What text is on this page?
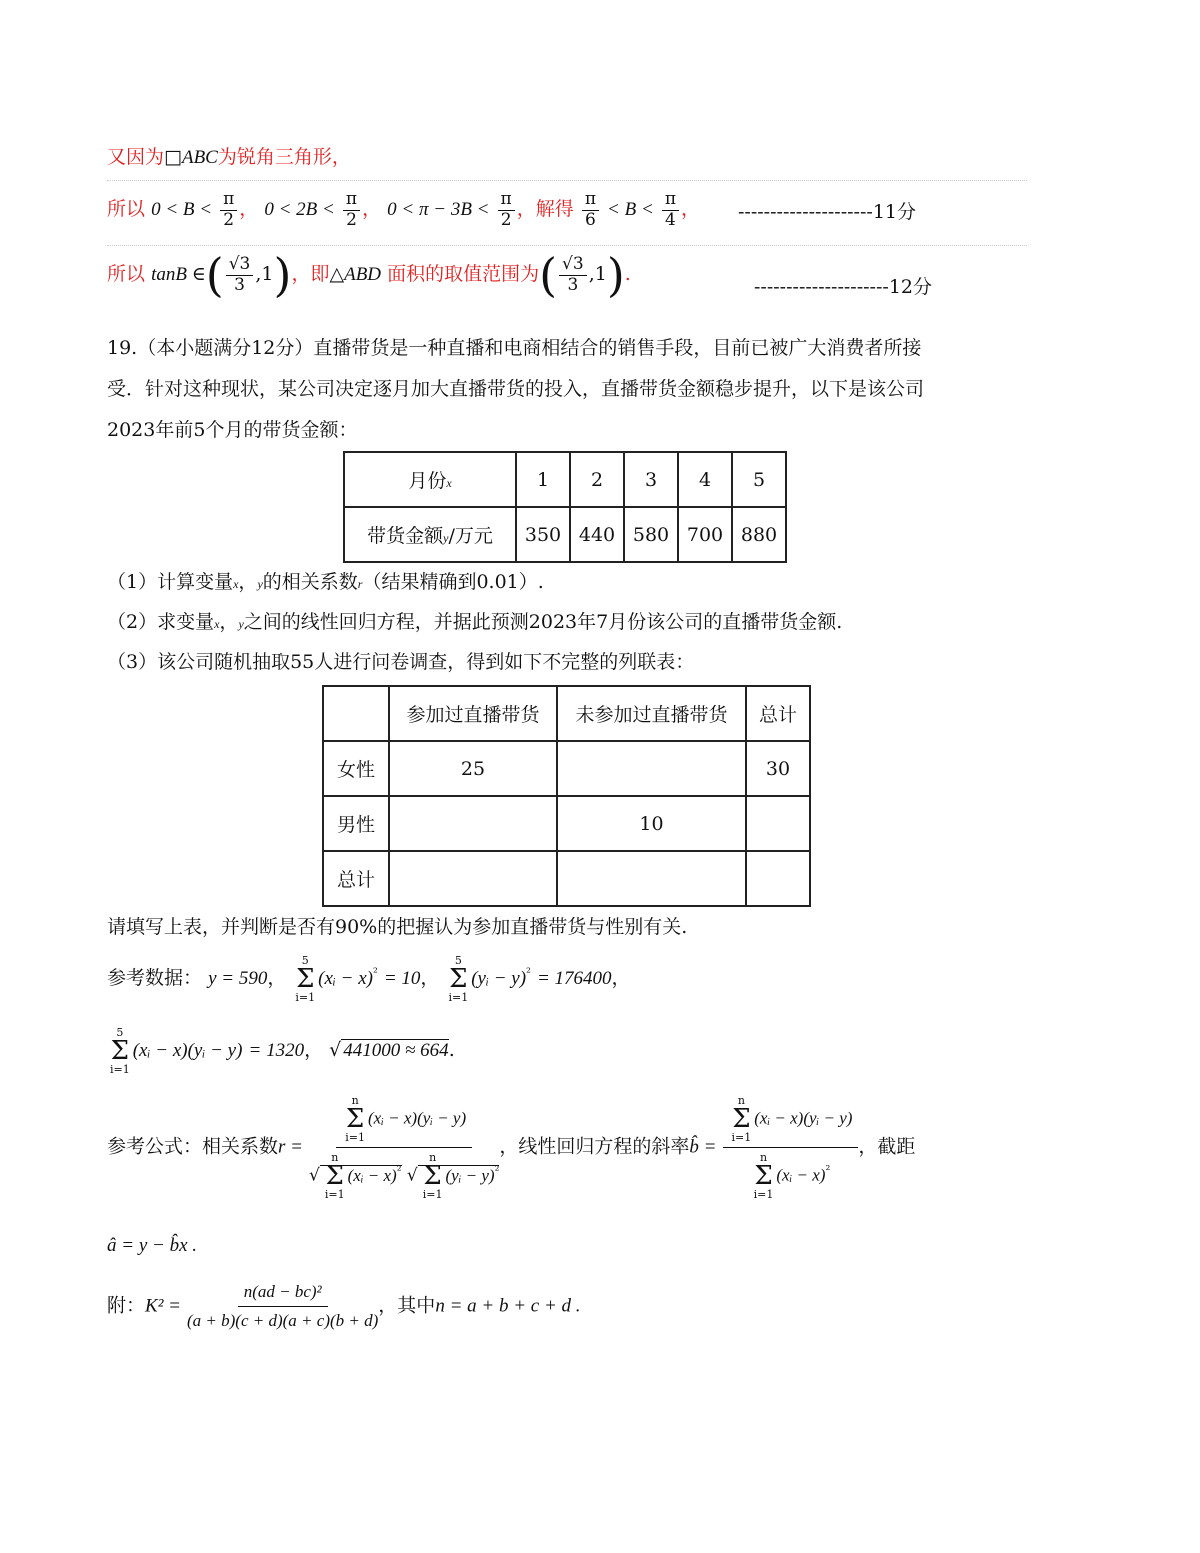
又因为□ABC为锐角三角形，
所以 $0 < B < \frac{\pi}{2}$ ， $0 < 2B < \frac{\pi}{2}$ ， $0 < \pi - 3B < \frac{\pi}{2}$ ，解得 $\frac{\pi}{6} < B < \frac{\pi}{4}$ ， ---------------------11分
所以 tanB ∈( $\frac{√3}{3} ,1$)，即△ABD 面积的取值范围为( $\frac{√3}{3} ,1$).
---------------------12分
19.（本小题满分12分）直播带货是一种直播和电商相结合的销售手段，目前已被广大消费者所接
受．针对这种现状，某公司决定逐月加大直播带货的投入，直播带货金额稳步提升，以下是该公司
2023年前5个月的带货金额：
月份x	1	2	3	4	5
带货金额y/万元	350	440	580	700	880
（1）计算变量x，y的相关系数r（结果精确到0.01）.
（2）求变量x，y之间的线性回归方程，并据此预测2023年7月份该公司的直播带货金额.
（3）该公司随机抽取55人进行问卷调查，得到如下不完整的列联表：
	参加过直播带货	未参加过直播带货	总计
女性	25		30
男性		10	
总计			
请填写上表，并判断是否有90%的把握认为参加直播带货与性别有关.
参考数据： y = 590，
5
Σ
i=1
(xᵢ − x)$^{^2}$ = 10，
5
Σ
i=1
(yᵢ − y)$^{^2}$ = 176400，
5
Σ
i=1
(xᵢ − x)(yᵢ − y) = 1320， √ 441000 ≈ 664.
参考公式：相关系数r = n
Σ
i=1
(xᵢ − x)(yᵢ − y)
√
n
Σ
i=1
(xᵢ − x)$^{^2}$ √
n
Σ
i=1
(yᵢ − y)$^{^2}$ ，线性回归方程的斜率b̂ = n
Σ
i=1
(xᵢ − x)(yᵢ − y)
n
Σ
i=1
(xᵢ − x)$^{^2}$ ，截距
â = y − b̂x .
附：$K^2 = \frac{\text{n(ad − bc)²}}{(a + b)(c + d)(a + c)(b + d)}$ ，其中n = a + b + c + d .
